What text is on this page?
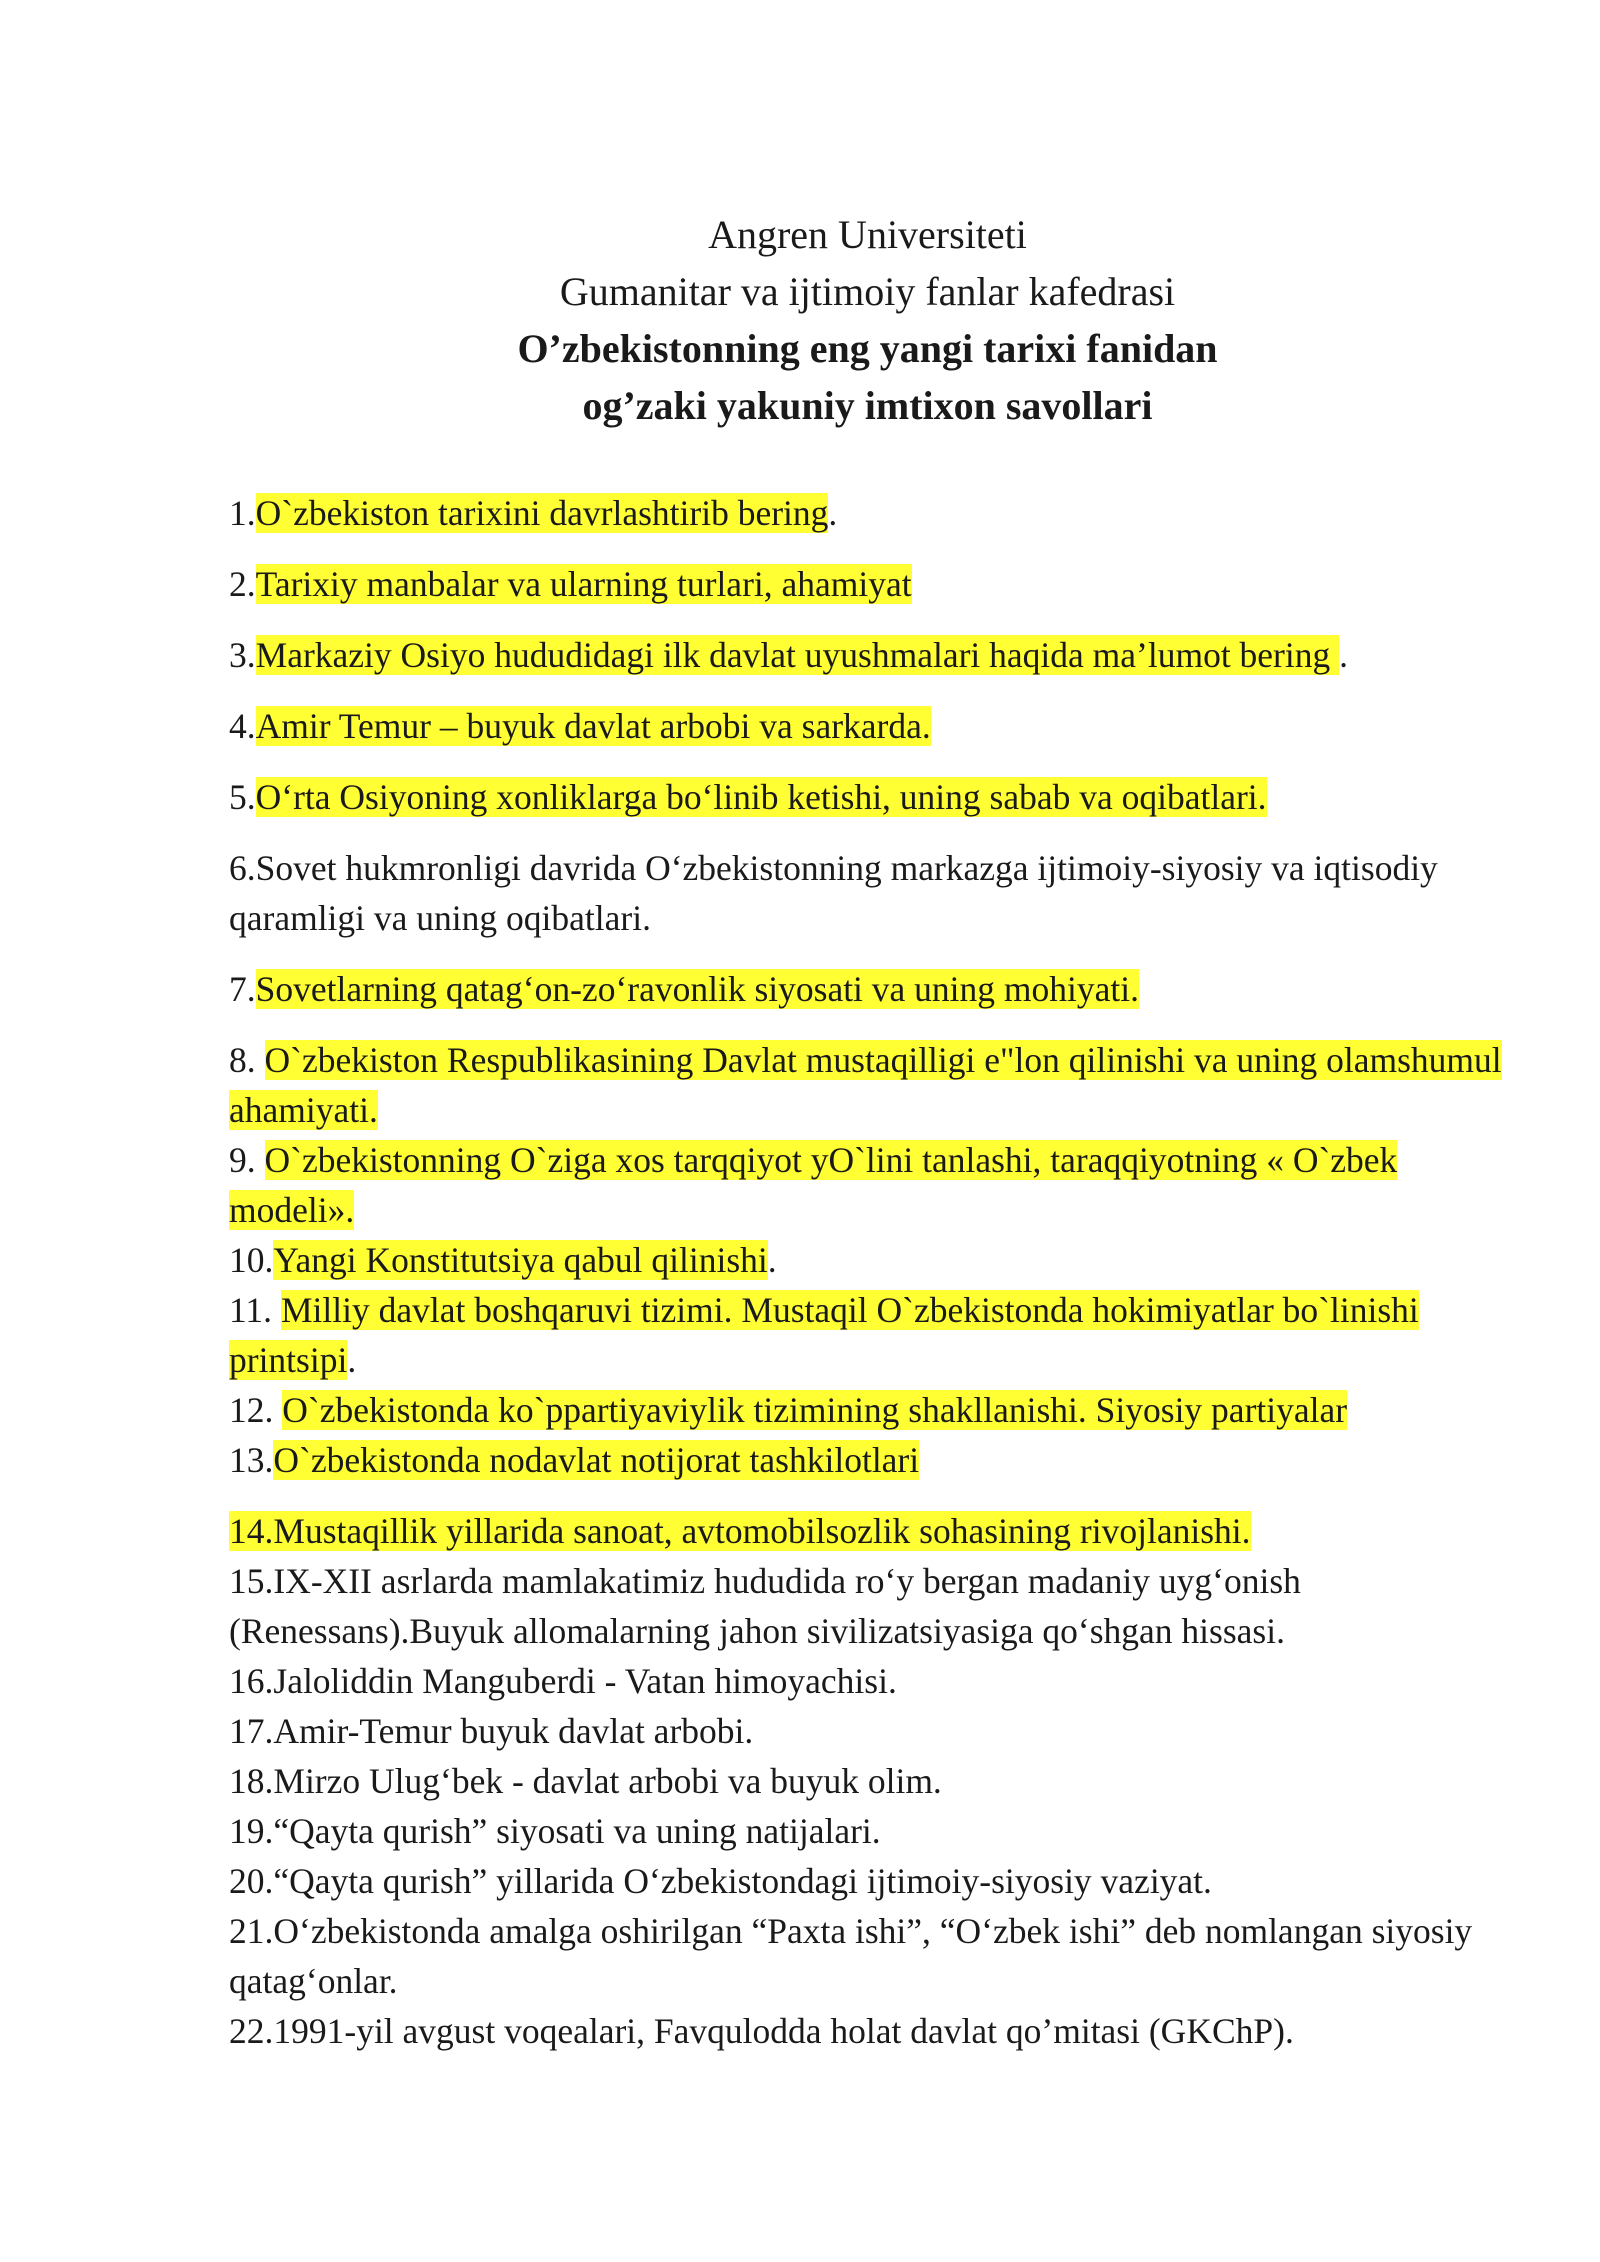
Angren Universiteti
Gumanitar va ijtimoiy fanlar kafedrasi
O’zbekistonning eng yangi tarixi fanidan
og’zaki yakuniy imtixon savollari
1.O`zbekiston tarixini davrlashtirib bering.
2.Tarixiy manbalar va ularning turlari, ahamiyat
3.Markaziy Osiyo hududidagi ilk davlat uyushmalari haqida ma’lumot bering .
4.Amir Temur – buyuk davlat arbobi va sarkarda.
5.O‘rta Osiyoning xonliklarga bo‘linib ketishi, uning sabab va oqibatlari.
6.Sovet hukmronligi davrida O‘zbekistonning markazga ijtimoiy-siyosiy va iqtisodiy qaramligi va uning oqibatlari.
7.Sovetlarning qatag‘on-zo‘ravonlik siyosati va uning mohiyati.
8. O`zbekiston Respublikasining Davlat mustaqilligi e"lon qilinishi va uning olamshumul ahamiyati.
9. O`zbekistonning O`ziga xos tarqqiyot yO`lini tanlashi, taraqqiyotning « O`zbek modeli».
10.Yangi Konstitutsiya qabul qilinishi.
11. Milliy davlat boshqaruvi tizimi. Mustaqil O`zbekistonda hokimiyatlar bo`linishi printsipi.
12. O`zbekistonda ko`ppartiyaviylik tizimining shakllanishi. Siyosiy partiyalar
13.O`zbekistonda nodavlat notijorat tashkilotlari
14.Mustaqillik yillarida sanoat, avtomobilsozlik sohasining rivojlanishi.
15.IX-XII asrlarda mamlakatimiz hududida ro‘y bergan madaniy uyg‘onish (Renessans).Buyuk allomalarning jahon sivilizatsiyasiga qo‘shgan hissasi.
16.Jaloliddin Manguberdi - Vatan himoyachisi.
17.Amir-Temur buyuk davlat arbobi.
18.Mirzo Ulug‘bek - davlat arbobi va buyuk olim.
19.“Qayta qurish” siyosati va uning natijalari.
20.“Qayta qurish” yillarida O‘zbekistondagi ijtimoiy-siyosiy vaziyat.
21.O‘zbekistonda amalga oshirilgan “Paxta ishi”, “O‘zbek ishi” deb nomlangan siyosiy qatag‘onlar.
22.1991-yil avgust voqealari, Favqulodda holat davlat qo’mitasi (GKChP).
